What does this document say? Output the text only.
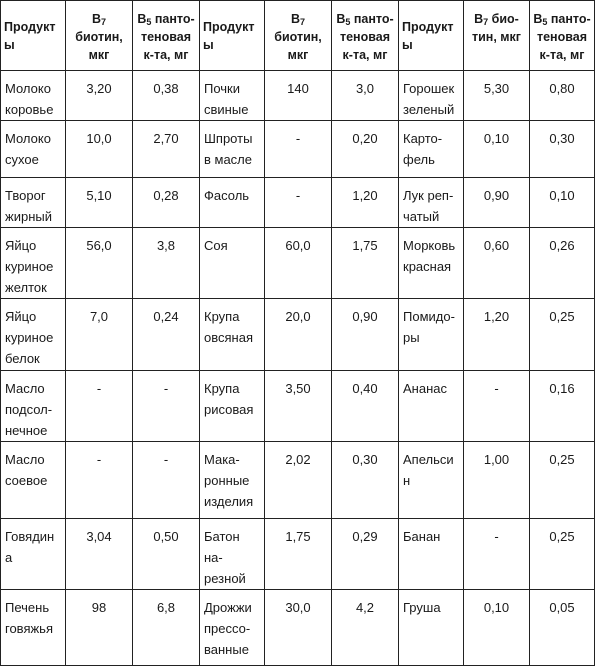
Продукты	$B_7$ биотин, мкг	$B_5$ панто-теновая к-та, мг	Продукты	$B_7$ биотин, мкг	$B_5$ панто-теновая к-та, мг	Продукты	$B_7$ био-тин, мкг	$B_5$ панто-теновая к-та, мг
Молоко коровье	3,20	0,38	Почки свиные	140	3,0	Горошек зеленый	5,30	0,80
Молоко сухое	10,0	2,70	Шпроты в масле	-	0,20	Карто-фель	0,10	0,30
Творог жирный	5,10	0,28	Фасоль	-	1,20	Лук реп-чатый	0,90	0,10
Яйцо куриное желток	56,0	3,8	Соя	60,0	1,75	Морковь красная	0,60	0,26
Яйцо куриное белок	7,0	0,24	Крупа овсяная	20,0	0,90	Помидо-ры	1,20	0,25
Масло подсол-нечное	-	-	Крупа рисовая	3,50	0,40	Ананас	-	0,16
Масло соевое	-	-	Мака-ронные изделия	2,02	0,30	Апельсин	1,00	0,25
Говядина	3,04	0,50	Батон на-резной	1,75	0,29	Банан	-	0,25
Печень говяжья	98	6,8	Дрожжи прессо-ванные	30,0	4,2	Груша	0,10	0,05
